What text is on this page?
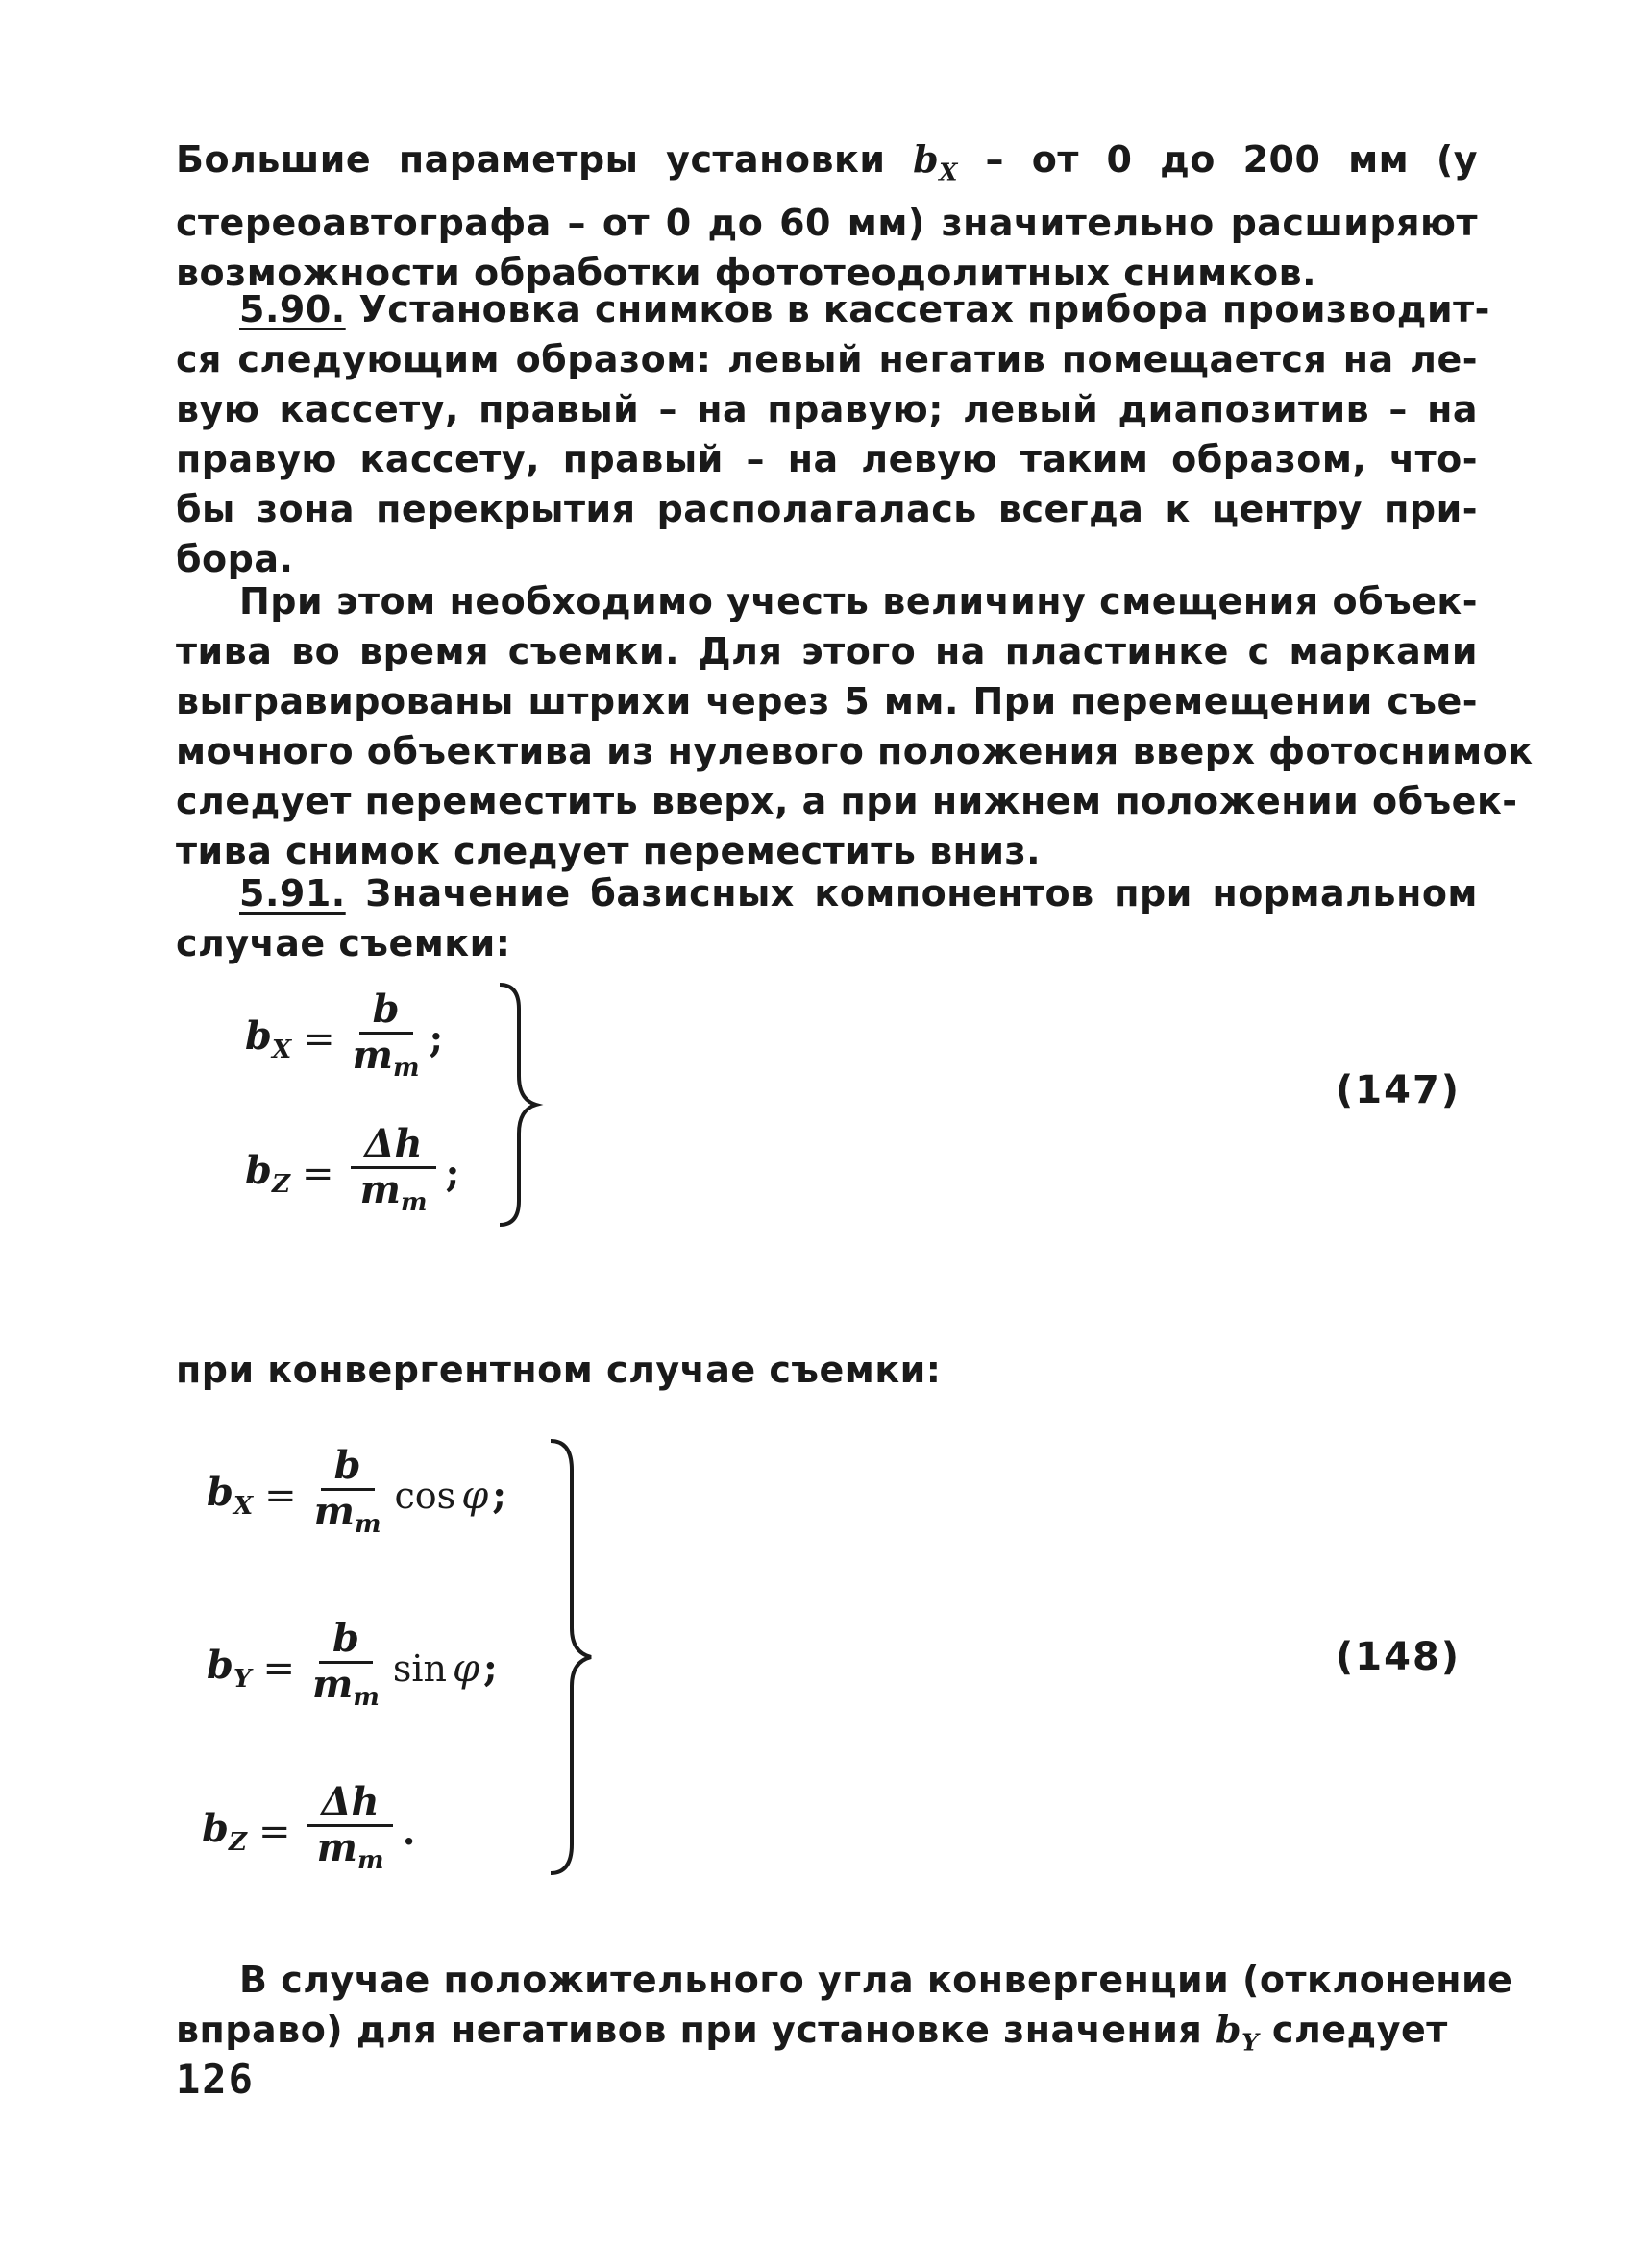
Большие параметры установки $b_X$ – от 0 до 200 мм (у
стереоавтографа – от 0 до 60 мм) значительно расширяют
возможности обработки фототеодолитных снимков.

5.90. Установка снимков в кассетах прибора производит-
ся следующим образом: левый негатив помещается на ле-
вую кассету, правый – на правую; левый диапозитив – на
правую кассету, правый – на левую таким образом, что-
бы зона перекрытия располагалась всегда к центру при-
бора.

При этом необходимо учесть величину смещения объек-
тива во время съемки. Для этого на пластинке с марками
выгравированы штрихи через 5 мм. При перемещении съе-
мочного объектива из нулевого положения вверх фотоснимок
следует переместить вверх, а при нижнем положении объек-
тива снимок следует переместить вниз.

5.91. Значение базисных компонентов при нормальном
случае съемки:

$b_X = \frac{b}{m_m}$ ;
$b_Z = \frac{\Delta h}{m_m}$ ;
(147)

при конвергентном случае съемки:

$b_X = \frac{b}{m_m}$ cos φ ;
$b_Y = \frac{b}{m_m}$ sin φ ;
$b_Z = \frac{\Delta h}{m_m}$ .
(148)

В случае положительного угла конвергенции (отклонение
вправо) для негативов при установке значения $b_Y$ следует

126
